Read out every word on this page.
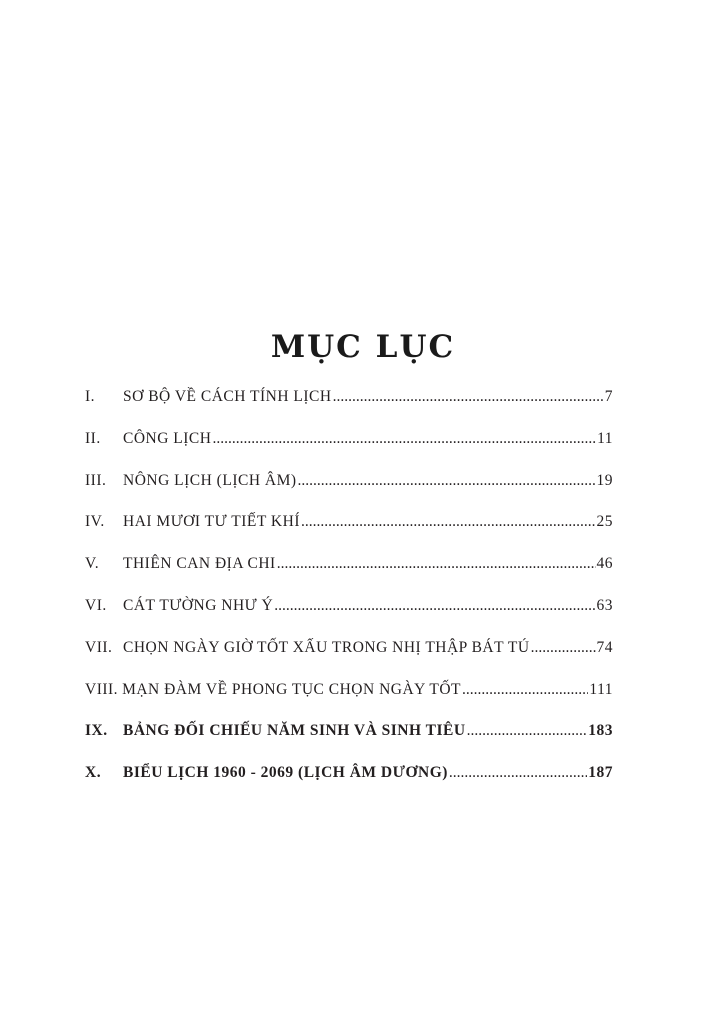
MỤC LỤC
I.	SƠ BỘ VỀ CÁCH TÍNH LỊCH .....	7
II.	CÔNG LỊCH .....	11
III.	NÔNG LỊCH (LỊCH ÂM) .....	19
IV.	HAI MƯƠI TƯ TIẾT KHÍ .....	25
V.	THIÊN CAN ĐỊA CHI .....	46
VI.	CÁT TƯỜNG NHƯ Ý .....	63
VII. CHỌN NGÀY GIỜ TỐT XẤU TRONG NHỊ THẬP BÁT TÚ .....	74
VIII. MẠN ĐÀM VỀ PHONG TỤC CHỌN NGÀY TỐT .....	111
IX. BẢNG ĐỐI CHIẾU NĂM SINH VÀ SINH TIÊU .....	183
X.	BIỂU LỊCH 1960 - 2069 (LỊCH ÂM DƯƠNG) .....	187
